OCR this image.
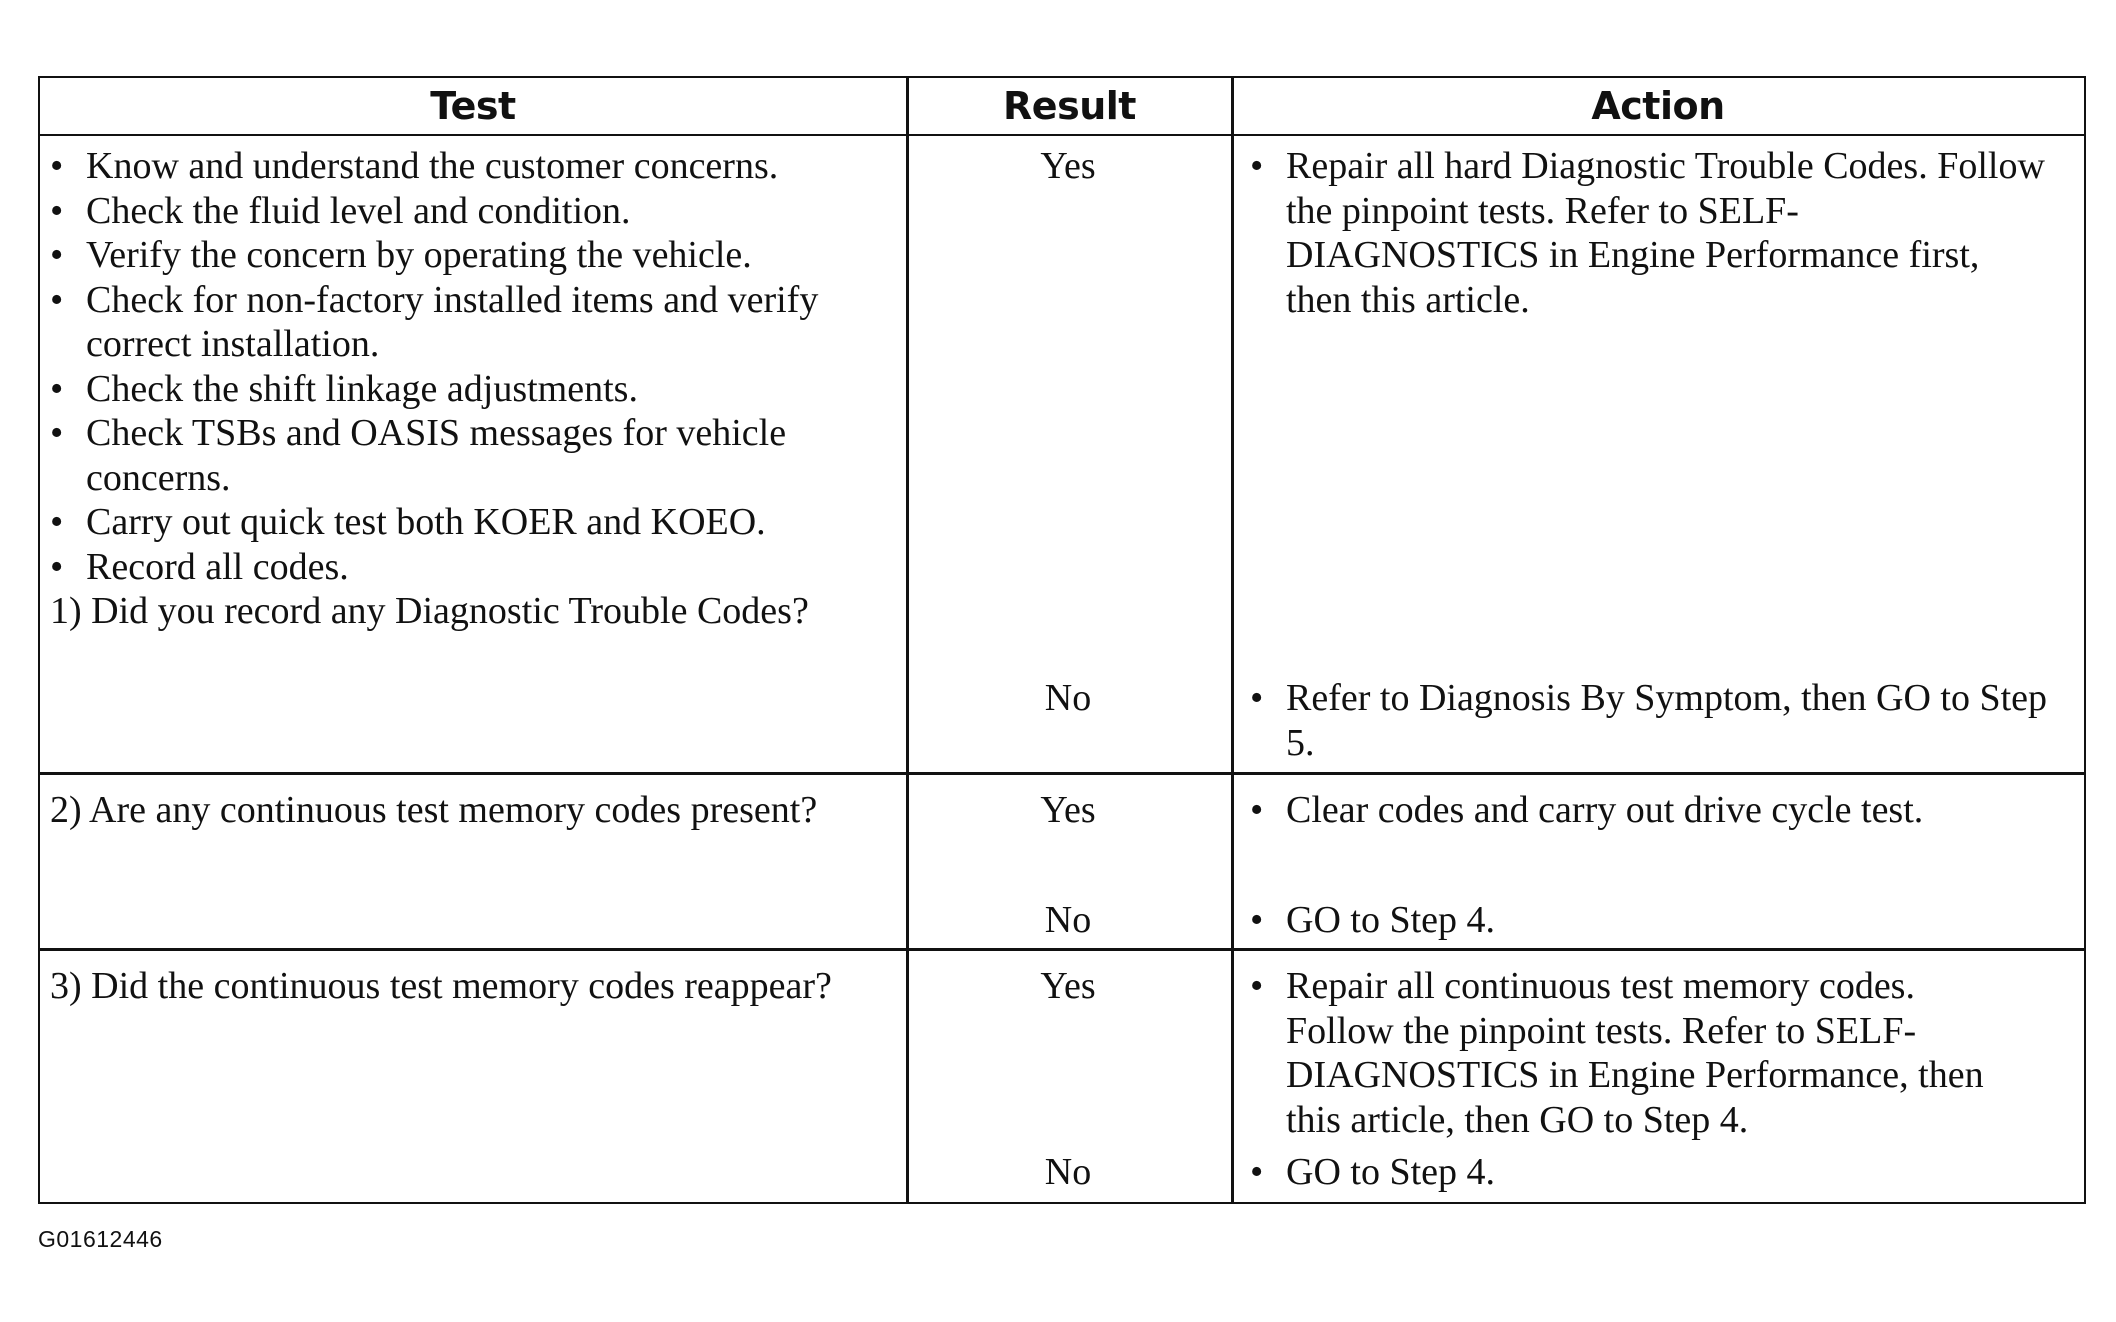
Test	Result	Action
• Know and understand the customer concerns.
• Check the fluid level and condition.
• Verify the concern by operating the vehicle.
• Check for non-factory installed items and verify correct installation.
• Check the shift linkage adjustments.
• Check TSBs and OASIS messages for vehicle concerns.
• Carry out quick test both KOER and KOEO.
• Record all codes.
1) Did you record any Diagnostic Trouble Codes?
Yes	• Repair all hard Diagnostic Trouble Codes. Follow the pinpoint tests. Refer to SELF-DIAGNOSTICS in Engine Performance first, then this article.
No	• Refer to Diagnosis By Symptom, then GO to Step 5.
2) Are any continuous test memory codes present?	Yes	• Clear codes and carry out drive cycle test.
No	• GO to Step 4.
3) Did the continuous test memory codes reappear?	Yes	• Repair all continuous test memory codes. Follow the pinpoint tests. Refer to SELF-DIAGNOSTICS in Engine Performance, then this article, then GO to Step 4.
No	• GO to Step 4.
G01612446
